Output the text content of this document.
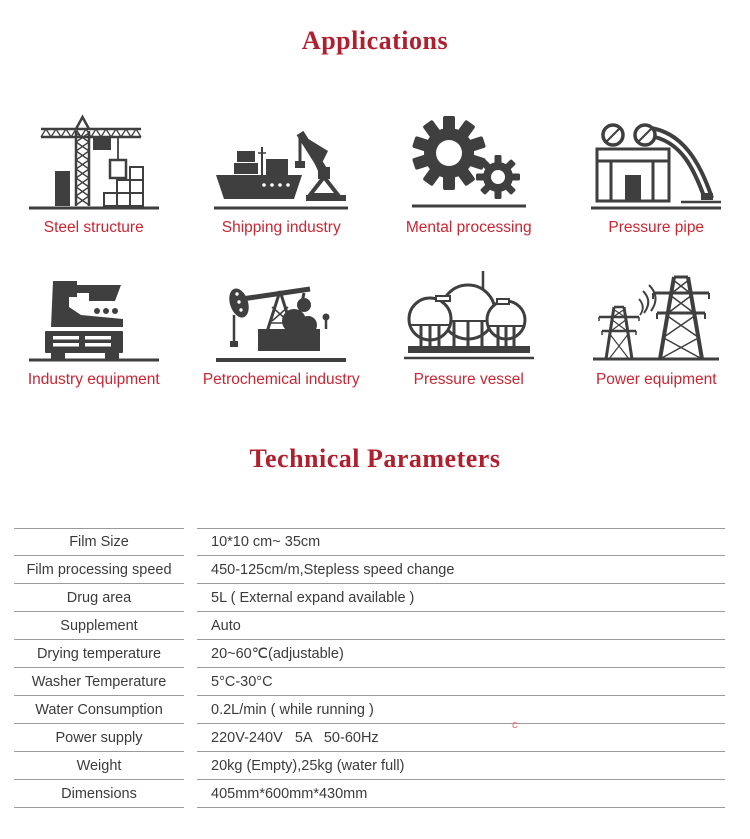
Applications
Steel structure	Shipping industry	Mental processing	Pressure pipe
Industry equipment	Petrochemical industry	Pressure vessel	Power equipment
Technical Parameters
Film Size	10*10 cm~ 35cm
Film processing speed	450-125cm/m,Stepless speed change
Drug area	5L ( External expand available )
Supplement	Auto
Drying temperature	20~60℃(adjustable)
Washer Temperature	5°C-30°C
Water Consumption	0.2L/min ( while running )
Power supply	220V-240V   5A   50-60Hz
Weight	20kg (Empty),25kg (water full)
Dimensions	405mm*600mm*430mm
c
